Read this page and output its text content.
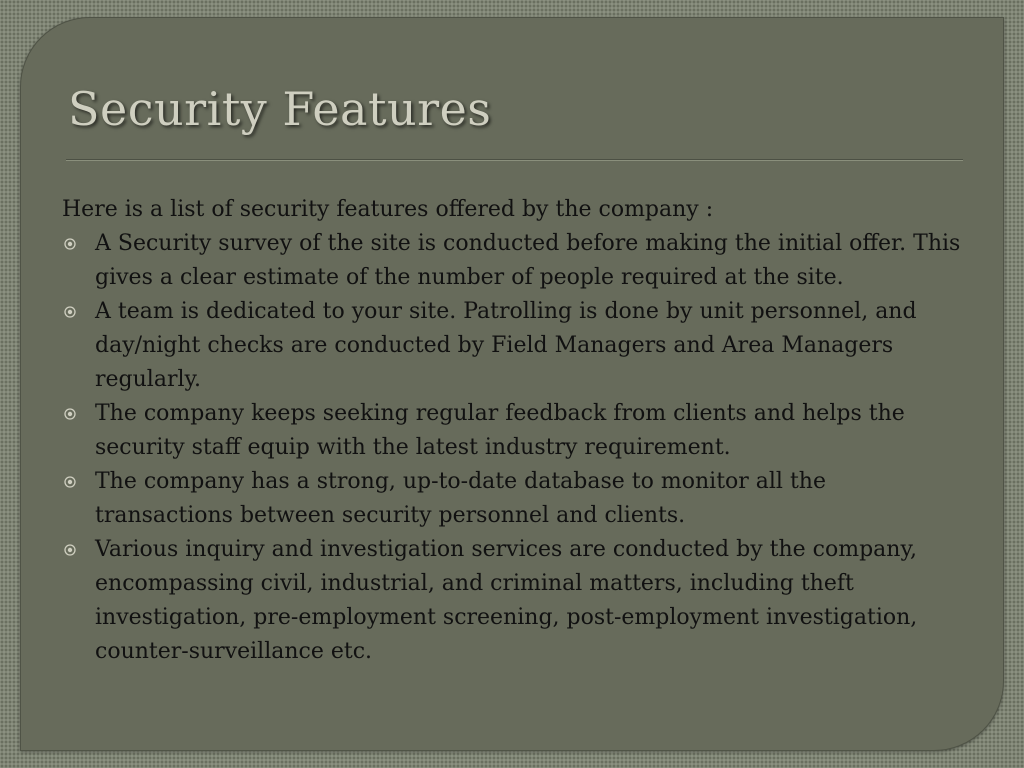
Security Features

Here is a list of security features offered by the company :

A Security survey of the site is conducted before making the initial offer. This gives a clear estimate of the number of people required at the site.
A team is dedicated to your site. Patrolling is done by unit personnel, and day/night checks are conducted by Field Managers and Area Managers regularly.
The company keeps seeking regular feedback from clients and helps the security staff equip with the latest industry requirement.
The company has a strong, up-to-date database to monitor all the transactions between security personnel and clients.
Various inquiry and investigation services are conducted by the company, encompassing civil, industrial, and criminal matters, including theft investigation, pre-employment screening, post-employment investigation, counter-surveillance etc.
